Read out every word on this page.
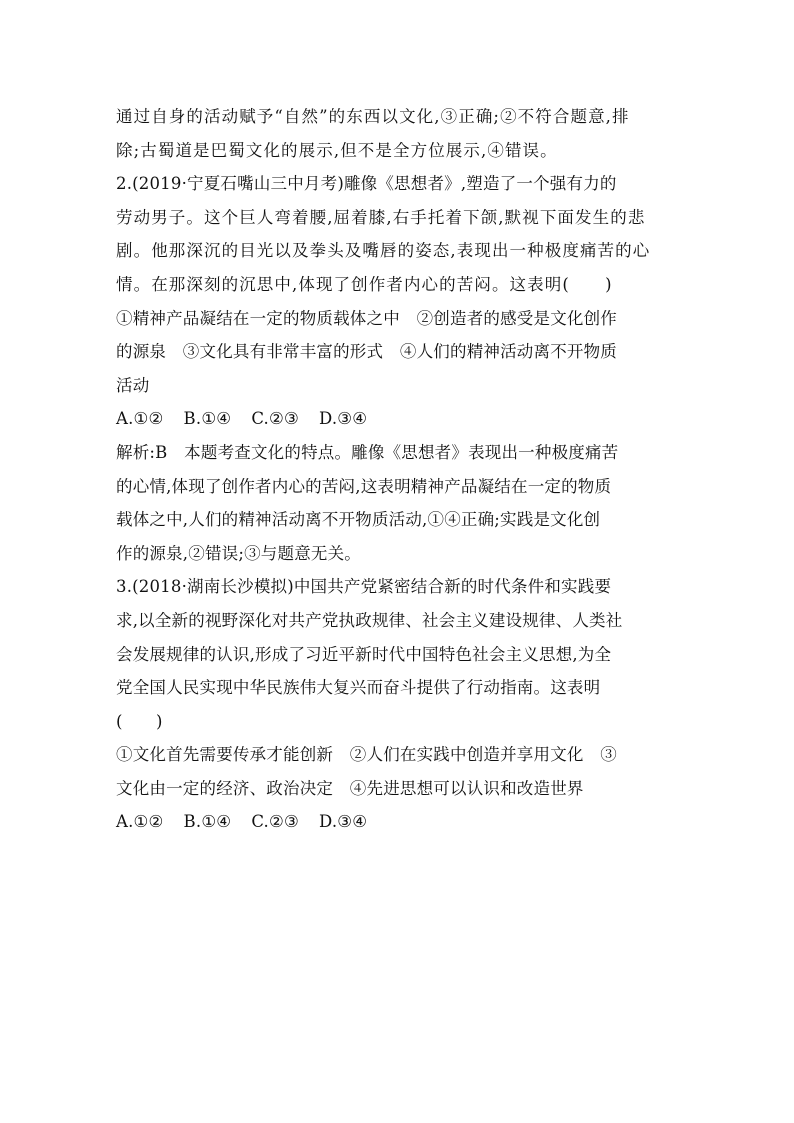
通过自身的活动赋予“自然”的东西以文化,③正确;②不符合题意,排
除;古蜀道是巴蜀文化的展示,但不是全方位展示,④错误。
2.(2019·宁夏石嘴山三中月考)雕像《思想者》,塑造了一个强有力的
劳动男子。这个巨人弯着腰,屈着膝,右手托着下颌,默视下面发生的悲
剧。他那深沉的目光以及拳头及嘴唇的姿态,表现出一种极度痛苦的心
情。在那深刻的沉思中,体现了创作者内心的苦闷。这表明(　　)
①精神产品凝结在一定的物质载体之中　②创造者的感受是文化创作
的源泉　③文化具有非常丰富的形式　④人们的精神活动离不开物质
活动
A.①② B.①④ C.②③ D.③④
解析:B　本题考查文化的特点。雕像《思想者》表现出一种极度痛苦
的心情,体现了创作者内心的苦闷,这表明精神产品凝结在一定的物质
载体之中,人们的精神活动离不开物质活动,①④正确;实践是文化创
作的源泉,②错误;③与题意无关。
3.(2018·湖南长沙模拟)中国共产党紧密结合新的时代条件和实践要
求,以全新的视野深化对共产党执政规律、社会主义建设规律、人类社
会发展规律的认识,形成了习近平新时代中国特色社会主义思想,为全
党全国人民实现中华民族伟大复兴而奋斗提供了行动指南。这表明
(　　)
①文化首先需要传承才能创新　②人们在实践中创造并享用文化　③
文化由一定的经济、政治决定　④先进思想可以认识和改造世界
A.①② B.①④ C.②③ D.③④
